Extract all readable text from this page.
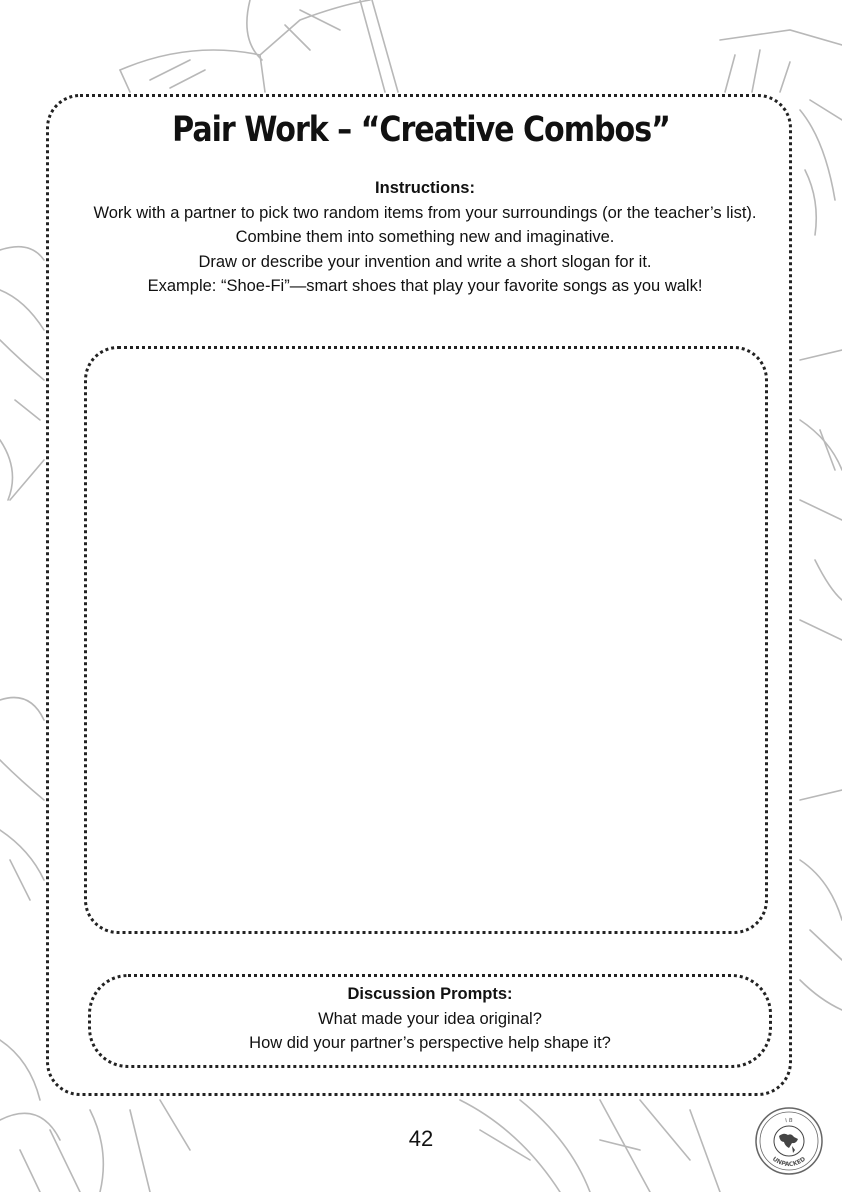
Pair Work – “Creative Combos”
Instructions:
Work with a partner to pick two random items from your surroundings (or the teacher’s list).
Combine them into something new and imaginative.
Draw or describe your invention and write a short slogan for it.
Example: “Shoe-Fi”—smart shoes that play your favorite songs as you walk!
Discussion Prompts:
What made your idea original?
How did your partner’s perspective help shape it?
42
I B
UNPACKED
